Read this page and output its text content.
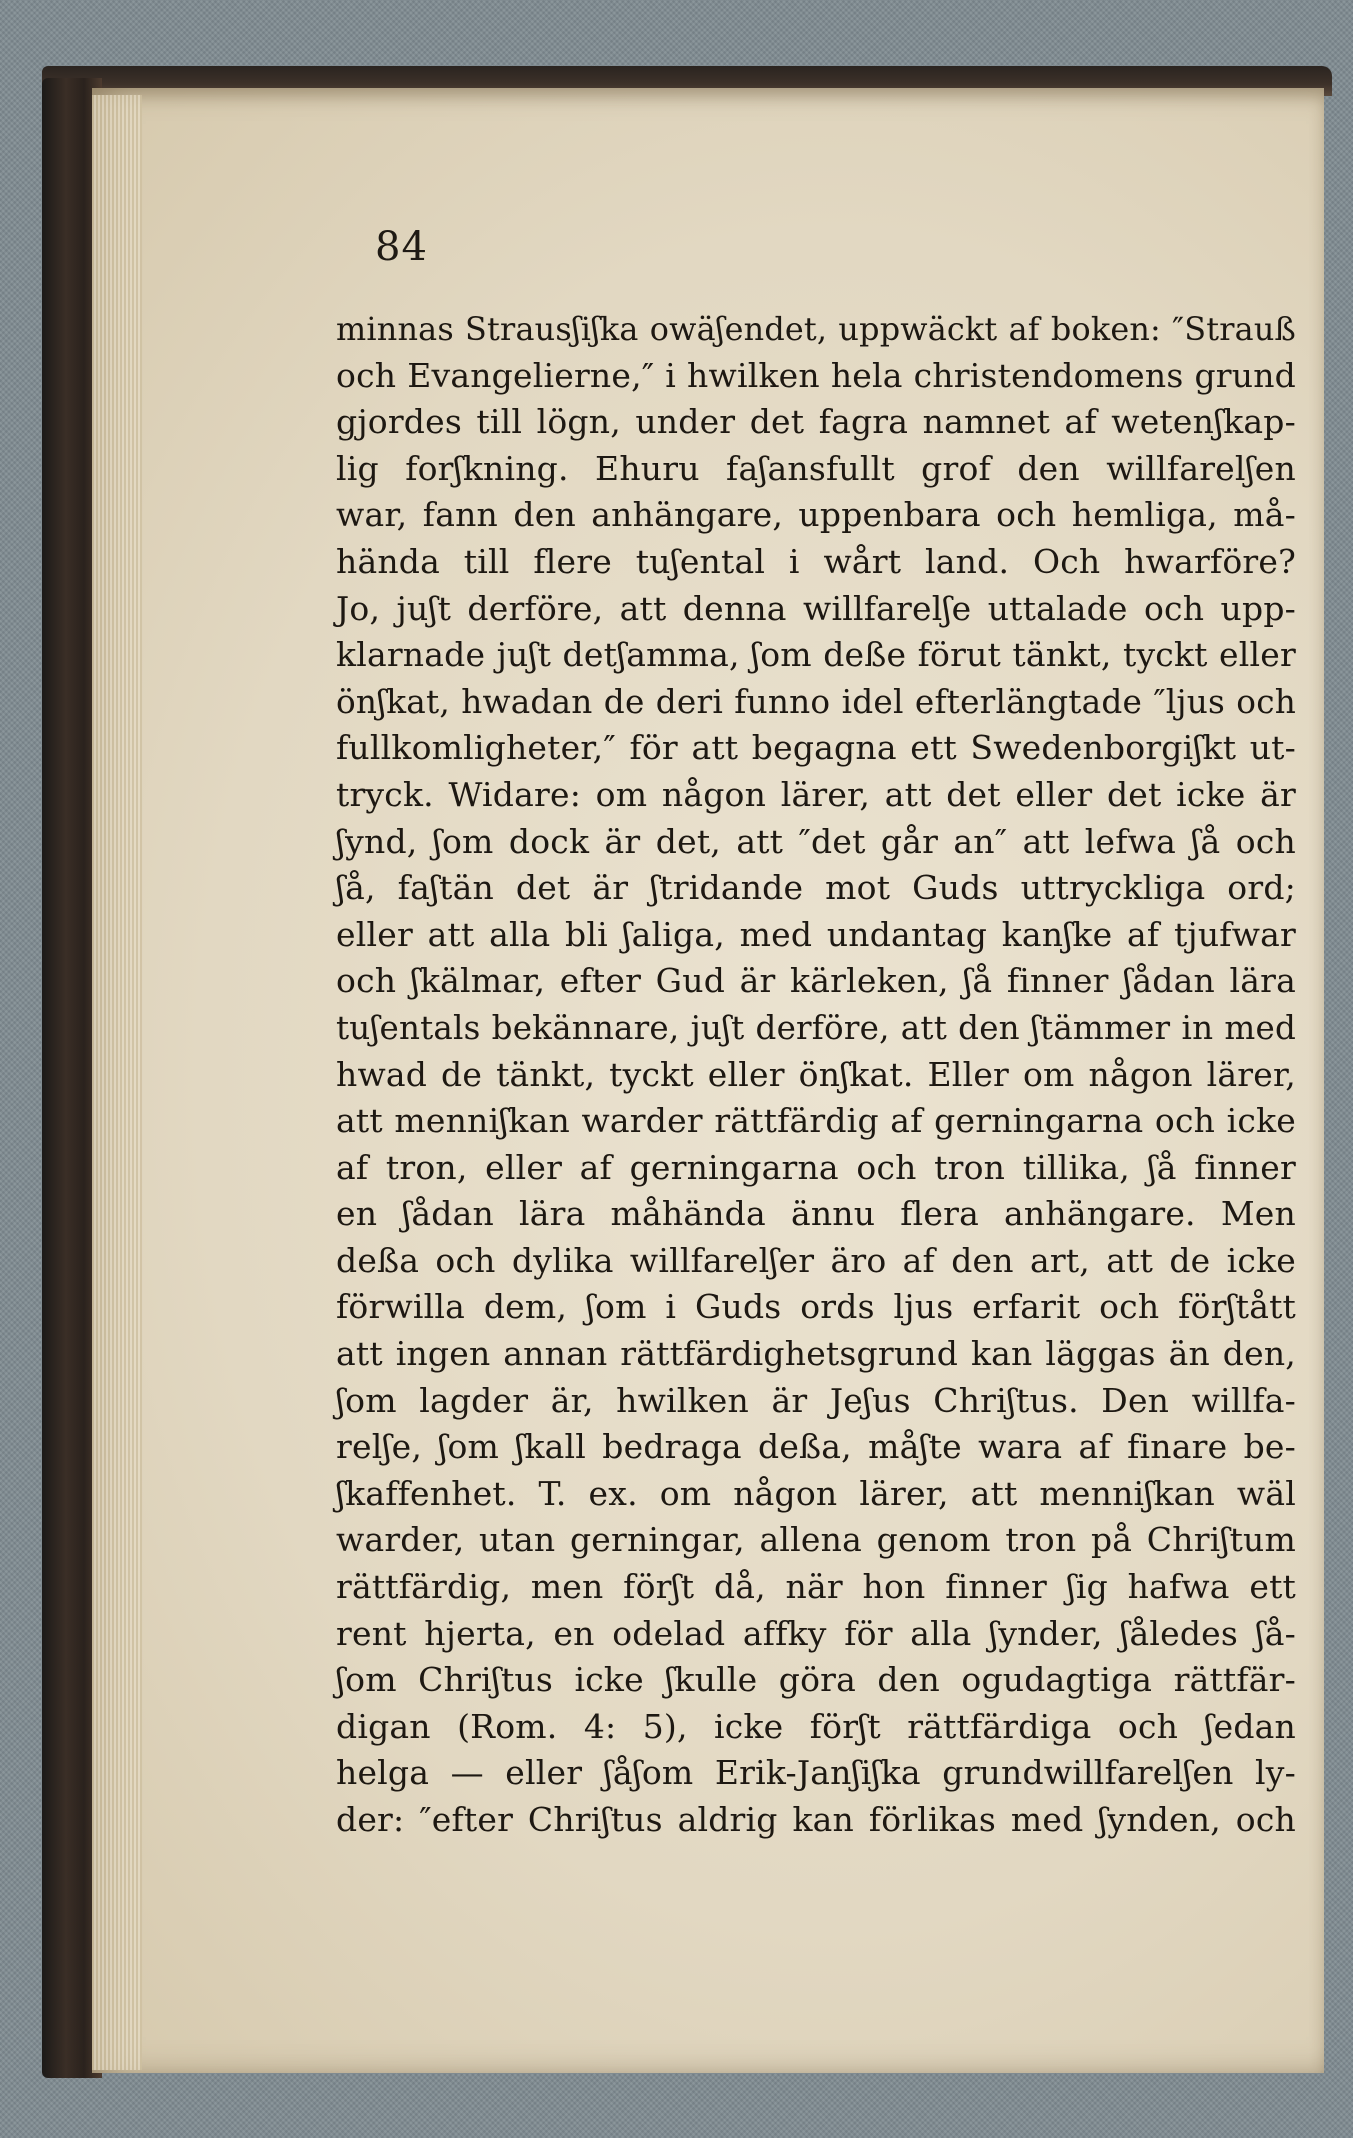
84
minnas Strausʃiʃka owäʃendet, uppwäckt af boken: ″Strauß
och Evangelierne,″ i hwilken hela christendomens grund
gjordes till lögn, under det fagra namnet af wetenʃkap-
lig forʃkning. Ehuru faʃansfullt grof den willfarelʃen
war, fann den anhängare, uppenbara och hemliga, må-
hända till flere tuʃental i wårt land. Och hwarföre?
Jo, juʃt derföre, att denna willfarelʃe uttalade och upp-
klarnade juʃt detʃamma, ʃom deße förut tänkt, tyckt eller
önʃkat, hwadan de deri funno idel efterlängtade ″ljus och
fullkomligheter,″ för att begagna ett Swedenborgiʃkt ut-
tryck. Widare: om någon lärer, att det eller det icke är
ʃynd, ʃom dock är det, att ″det går an″ att lefwa ʃå och
ʃå, faʃtän det är ʃtridande mot Guds uttryckliga ord;
eller att alla bli ʃaliga, med undantag kanʃke af tjufwar
och ʃkälmar, efter Gud är kärleken, ʃå finner ʃådan lära
tuʃentals bekännare, juʃt derföre, att den ʃtämmer in med
hwad de tänkt, tyckt eller önʃkat. Eller om någon lärer,
att menniʃkan warder rättfärdig af gerningarna och icke
af tron, eller af gerningarna och tron tillika, ʃå finner
en ʃådan lära måhända ännu flera anhängare. Men
deßa och dylika willfarelʃer äro af den art, att de icke
förwilla dem, ʃom i Guds ords ljus erfarit och förʃtått
att ingen annan rättfärdighetsgrund kan läggas än den,
ʃom lagder är, hwilken är Jeʃus Chriʃtus. Den willfa-
relʃe, ʃom ʃkall bedraga deßa, måʃte wara af finare be-
ʃkaffenhet. T. ex. om någon lärer, att menniʃkan wäl
warder, utan gerningar, allena genom tron på Chriʃtum
rättfärdig, men förʃt då, när hon finner ʃig hafwa ett
rent hjerta, en odelad affky för alla ʃynder, ʃåledes ʃå-
ʃom Chriʃtus icke ʃkulle göra den ogudagtiga rättfär-
digan (Rom. 4: 5), icke förʃt rättfärdiga och ʃedan
helga — eller ʃåʃom Erik-Janʃiʃka grundwillfarelʃen ly-
der: ″efter Chriʃtus aldrig kan förlikas med ʃynden, och
